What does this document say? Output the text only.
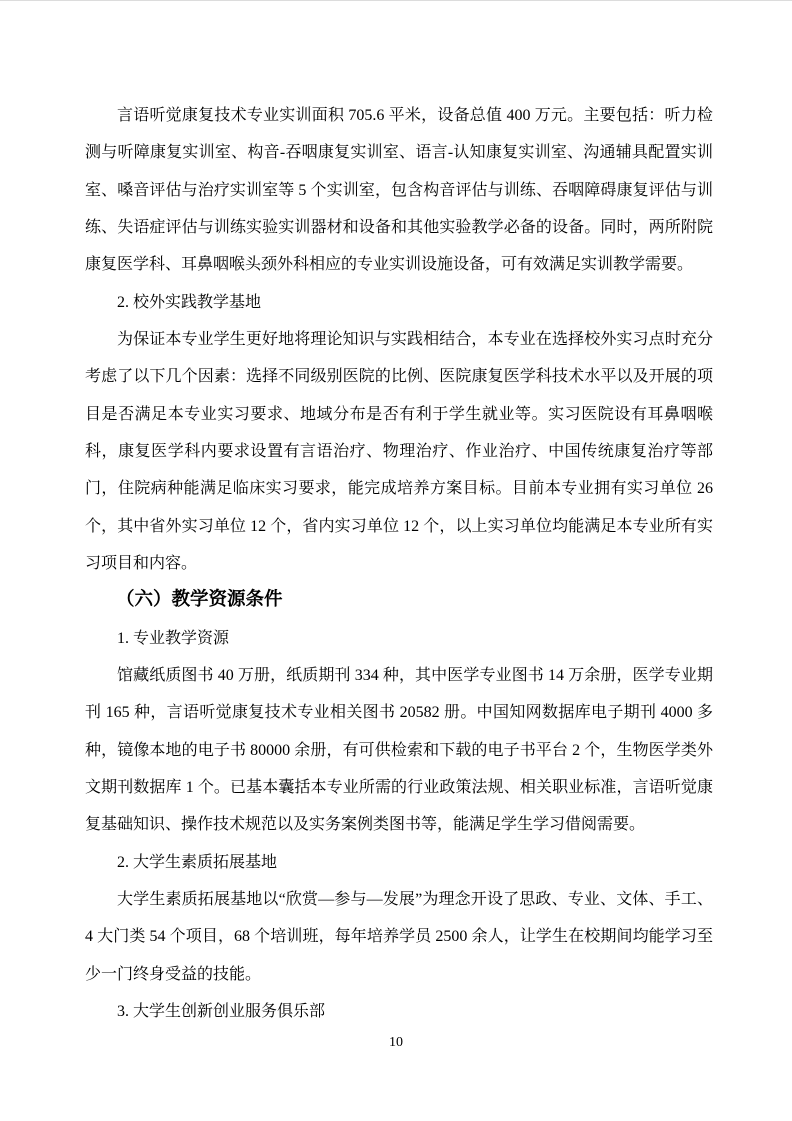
言语听觉康复技术专业实训面积 705.6 平米，设备总值 400 万元。主要包括：听力检测与听障康复实训室、构音-吞咽康复实训室、语言-认知康复实训室、沟通辅具配置实训室、嗓音评估与治疗实训室等 5 个实训室，包含构音评估与训练、吞咽障碍康复评估与训练、失语症评估与训练实验实训器材和设备和其他实验教学必备的设备。同时，两所附院康复医学科、耳鼻咽喉头颈外科相应的专业实训设施设备，可有效满足实训教学需要。

2. 校外实践教学基地

为保证本专业学生更好地将理论知识与实践相结合，本专业在选择校外实习点时充分考虑了以下几个因素：选择不同级别医院的比例、医院康复医学科技术水平以及开展的项目是否满足本专业实习要求、地域分布是否有利于学生就业等。实习医院设有耳鼻咽喉科，康复医学科内要求设置有言语治疗、物理治疗、作业治疗、中国传统康复治疗等部门，住院病种能满足临床实习要求，能完成培养方案目标。目前本专业拥有实习单位 26 个，其中省外实习单位 12 个，省内实习单位 12 个，以上实习单位均能满足本专业所有实习项目和内容。

（六）教学资源条件

1. 专业教学资源

馆藏纸质图书 40 万册，纸质期刊 334 种，其中医学专业图书 14 万余册，医学专业期刊 165 种，言语听觉康复技术专业相关图书 20582 册。中国知网数据库电子期刊 4000 多种，镜像本地的电子书 80000 余册，有可供检索和下载的电子书平台 2 个，生物医学类外文期刊数据库 1 个。已基本囊括本专业所需的行业政策法规、相关职业标准，言语听觉康复基础知识、操作技术规范以及实务案例类图书等，能满足学生学习借阅需要。

2. 大学生素质拓展基地

大学生素质拓展基地以“欣赏—参与—发展”为理念开设了思政、专业、文体、手工、4 大门类 54 个项目，68 个培训班，每年培养学员 2500 余人，让学生在校期间均能学习至少一门终身受益的技能。

3. 大学生创新创业服务俱乐部

10
